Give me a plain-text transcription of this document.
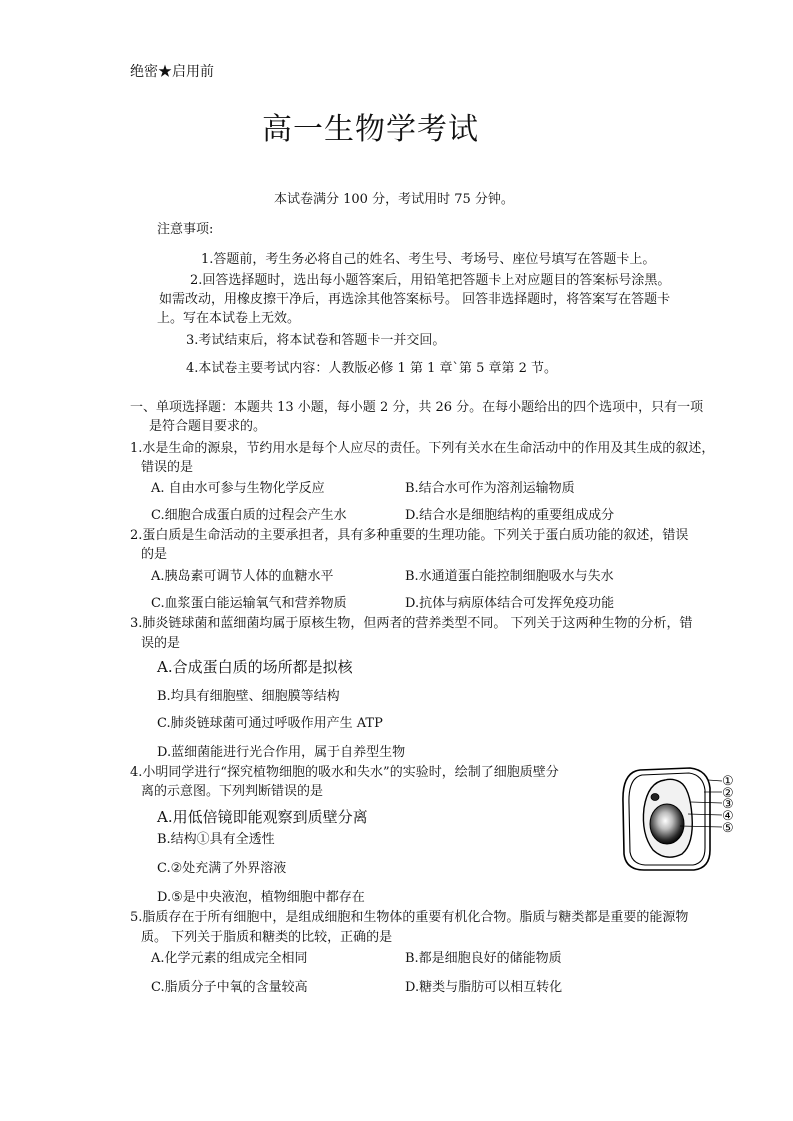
绝密★启用前
高一生物学考试
本试卷满分 100 分，考试用时 75 分钟。
注意事项:
1.答题前，考生务必将自己的姓名、考生号、考场号、座位号填写在答题卡上。
2.回答选择题时，选出每小题答案后，用铅笔把答题卡上对应题目的答案标号涂黑。
如需改动，用橡皮擦干净后，再选涂其他答案标号。 回答非选择题时，将答案写在答题卡
上。写在本试卷上无效。
3.考试结束后，将本试卷和答题卡一并交回。
4.本试卷主要考试内容：人教版必修 1 第 1 章`第 5 章第 2 节。
一、单项选择题：本题共 13 小题，每小题 2 分，共 26 分。在每小题给出的四个选项中，只有一项
是符合题目要求的。
1.水是生命的源泉，节约用水是每个人应尽的责任。下列有关水在生命活动中的作用及其生成的叙述，
错误的是
A. 自由水可参与生物化学反应	B.结合水可作为溶剂运输物质
C.细胞合成蛋白质的过程会产生水	D.结合水是细胞结构的重要组成成分
2.蛋白质是生命活动的主要承担者，具有多种重要的生理功能。下列关于蛋白质功能的叙述，错误
的是
A.胰岛素可调节人体的血糖水平	B.水通道蛋白能控制细胞吸水与失水
C.血浆蛋白能运输氧气和营养物质	D.抗体与病原体结合可发挥免疫功能
3.肺炎链球菌和蓝细菌均属于原核生物，但两者的营养类型不同。 下列关于这两种生物的分析，错
误的是
A.合成蛋白质的场所都是拟核
B.均具有细胞壁、细胞膜等结构
C.肺炎链球菌可通过呼吸作用产生 ATP
D.蓝细菌能进行光合作用，属于自养型生物
4.小明同学进行“探究植物细胞的吸水和失水”的实验时，绘制了细胞质壁分
离的示意图。下列判断错误的是
A.用低倍镜即能观察到质壁分离
B.结构①具有全透性
C.②处充满了外界溶液
D.⑤是中央液泡，植物细胞中都存在
①
②
③
④
⑤
5.脂质存在于所有细胞中，是组成细胞和生物体的重要有机化合物。脂质与糖类都是重要的能源物
质。 下列关于脂质和糖类的比较，正确的是
A.化学元素的组成完全相同	B.都是细胞良好的储能物质
C.脂质分子中氧的含量较高	D.糖类与脂肪可以相互转化
